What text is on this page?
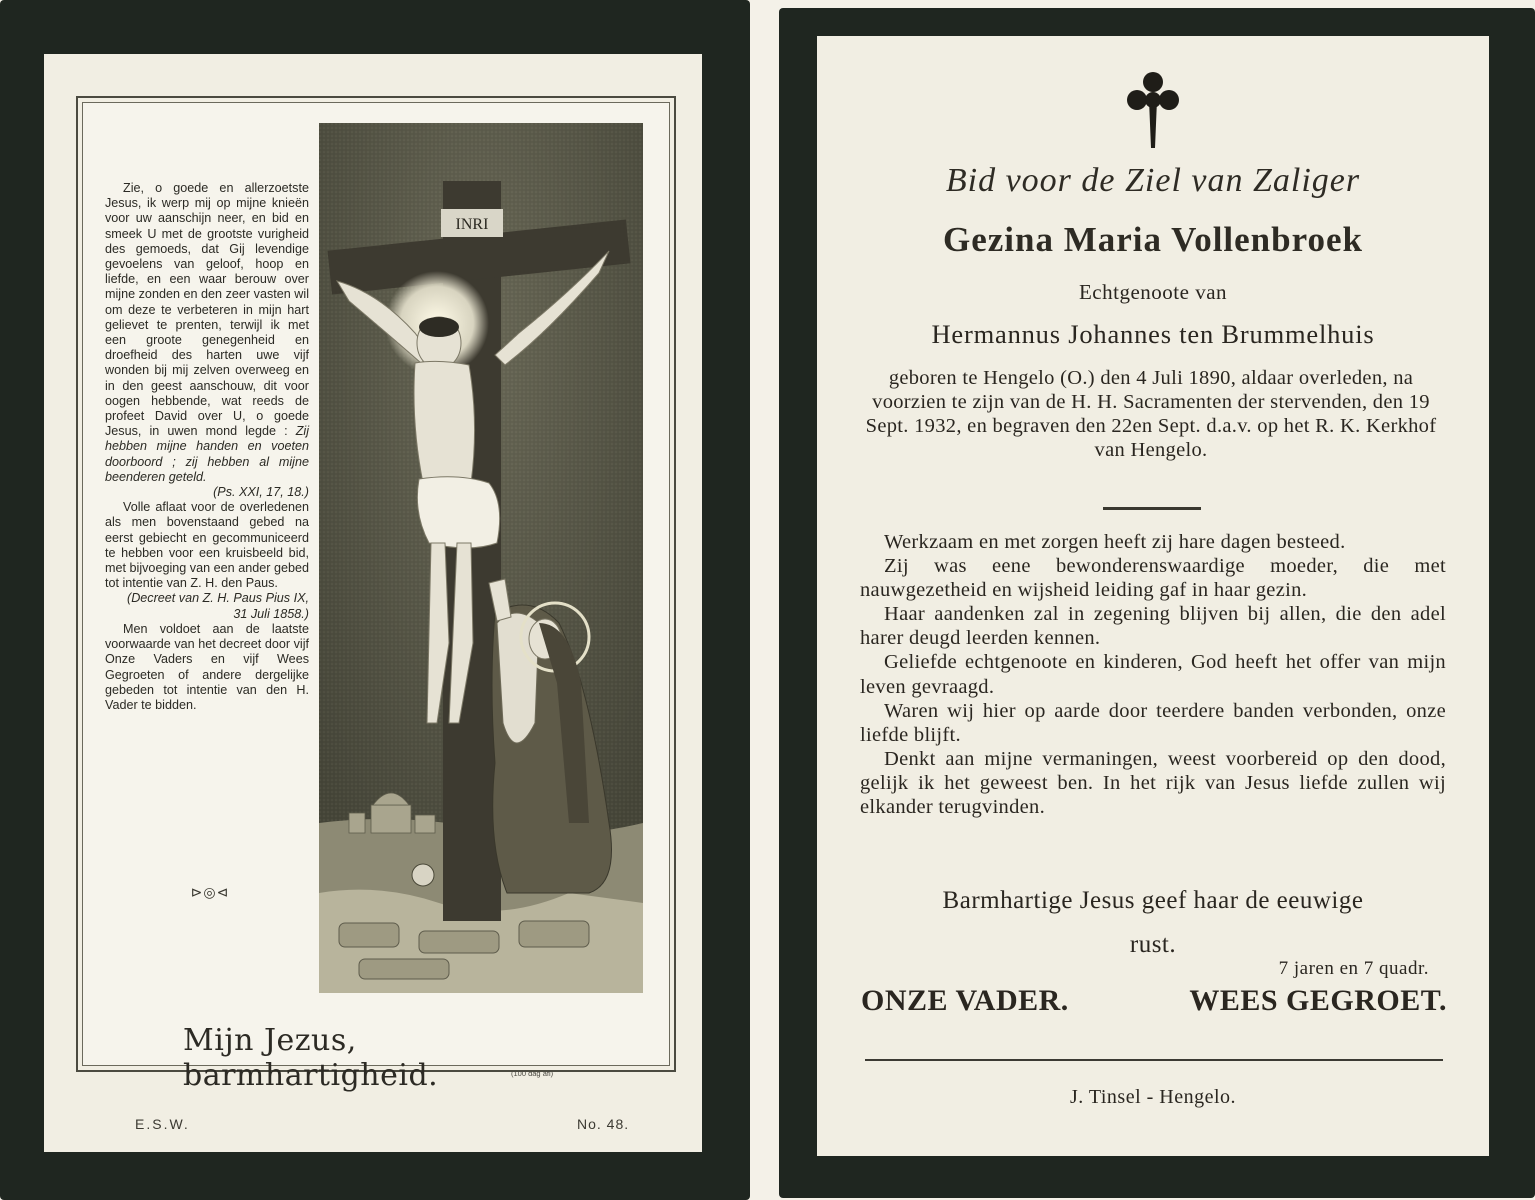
Zie, o goede en allerzoetste Jesus, ik werp mij op mijne knieën voor uw aanschijn neer, en bid en smeek U met de grootste vurigheid des gemoeds, dat Gij levendige gevoelens van geloof, hoop en liefde, en een waar berouw over mijne zonden en den zeer vasten wil om deze te verbeteren in mijn hart gelievet te prenten, terwijl ik met een groote genegenheid en droefheid des harten uwe vijf wonden bij mij zelven overweeg en in den geest aanschouw, dit voor oogen hebbende, wat reeds de profeet David over U, o goede Jesus, in uwen mond legde : Zij hebben mijne handen en voeten doorboord ; zij hebben al mijne beenderen geteld.

(Ps. XXI, 17, 18.)

Volle aflaat voor de overledenen als men bovenstaand gebed na eerst gebiecht en gecommuniceerd te hebben voor een kruisbeeld bid, met bijvoeging van een ander gebed tot intentie van Z. H. den Paus.

(Decreet van Z. H. Paus Pius IX, 31 Juli 1858.)

Men voldoet aan de laatste voorwaarde van het decreet door vijf Onze Vaders en vijf Wees Gegroeten of andere dergelijke gebeden tot intentie van den H. Vader te bidden.

⊳◎⊲
INRI
Mijn Jezus, barmhartigheid.	(100 dag afl)
E.S.W.	No. 48.
Bid voor de Ziel van Zaliger
Gezina Maria Vollenbroek
Echtgenoote van
Hermannus Johannes ten Brummelhuis
geboren te Hengelo (O.) den 4 Juli 1890, aldaar overleden, na voorzien te zijn van de H. H. Sacramenten der stervenden, den 19 Sept. 1932, en begraven den 22en Sept. d.a.v. op het R. K. Kerkhof van Hengelo.

Werkzaam en met zorgen heeft zij hare dagen besteed.

Zij was eene bewonderenswaardige moeder, die met nauwgezetheid en wijsheid leiding gaf in haar gezin.

Haar aandenken zal in zegening blijven bij allen, die den adel harer deugd leerden kennen.

Geliefde echtgenoote en kinderen, God heeft het offer van mijn leven gevraagd.

Waren wij hier op aarde door teerdere banden verbonden, onze liefde blijft.

Denkt aan mijne vermaningen, weest voorbereid op den dood, gelijk ik het geweest ben. In het rijk van Jesus liefde zullen wij elkander terugvinden.

Barmhartige Jesus geef haar de eeuwige rust.
7 jaren en 7 quadr.
ONZE VADER.	WEES GEGROET.
J. Tinsel - Hengelo.
